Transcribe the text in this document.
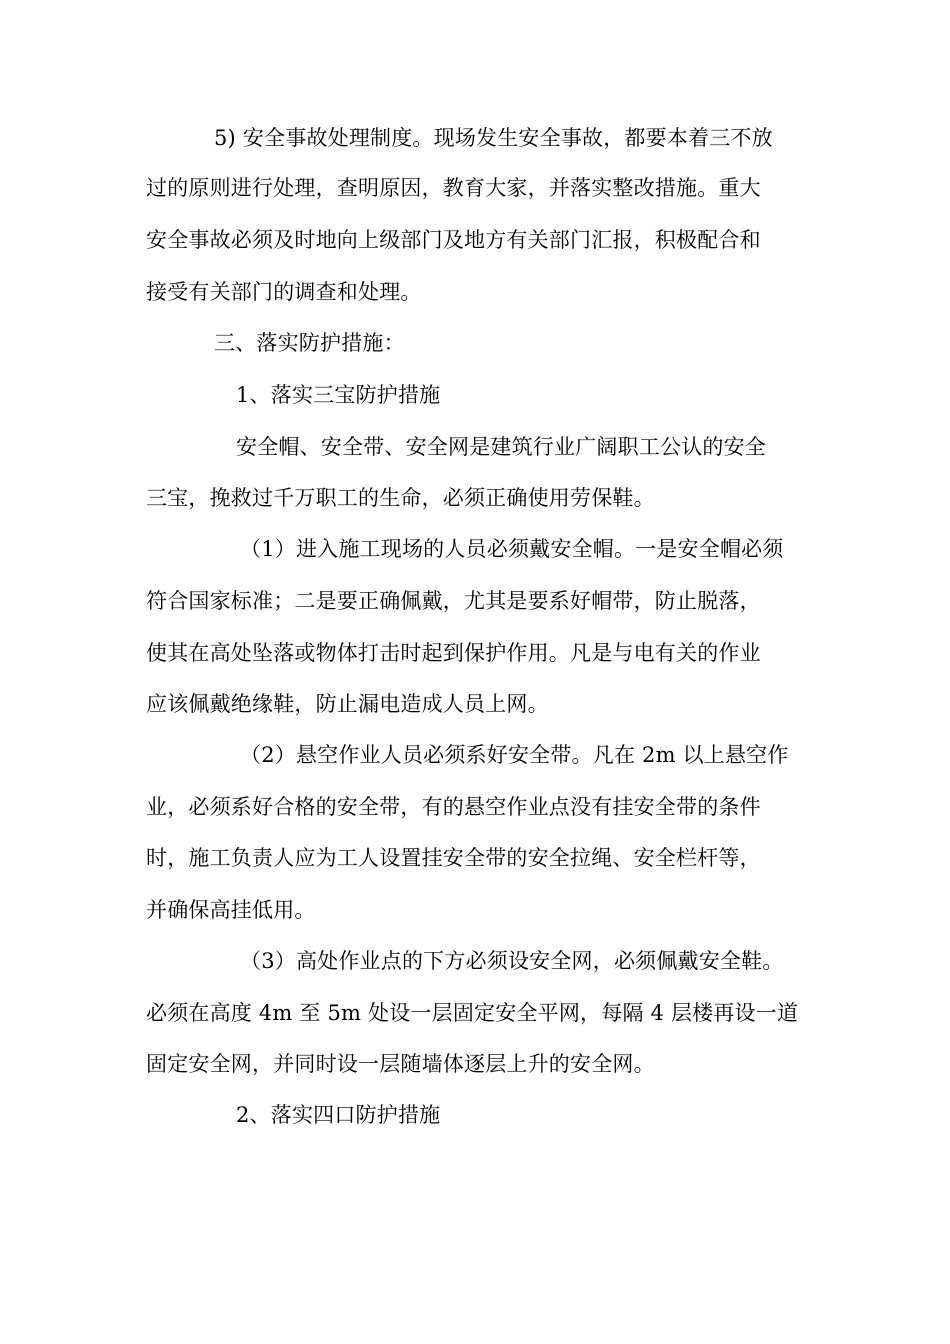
5) 安全事故处理制度。现场发生安全事故，都要本着三不放
过的原则进行处理，查明原因，教育大家，并落实整改措施。重大
安全事故必须及时地向上级部门及地方有关部门汇报，积极配合和
接受有关部门的调查和处理。
三、落实防护措施：
1、落实三宝防护措施
安全帽、安全带、安全网是建筑行业广阔职工公认的安全
三宝，挽救过千万职工的生命，必须正确使用劳保鞋。
（1）进入施工现场的人员必须戴安全帽。一是安全帽必须
符合国家标准；二是要正确佩戴，尤其是要系好帽带，防止脱落，
使其在高处坠落或物体打击时起到保护作用。凡是与电有关的作业
应该佩戴绝缘鞋，防止漏电造成人员上网。
（2）悬空作业人员必须系好安全带。凡在 2m 以上悬空作
业，必须系好合格的安全带，有的悬空作业点没有挂安全带的条件
时，施工负责人应为工人设置挂安全带的安全拉绳、安全栏杆等，
并确保高挂低用。
（3）高处作业点的下方必须设安全网，必须佩戴安全鞋。
必须在高度 4m 至 5m 处设一层固定安全平网，每隔 4 层楼再设一道
固定安全网，并同时设一层随墙体逐层上升的安全网。
2、落实四口防护措施
